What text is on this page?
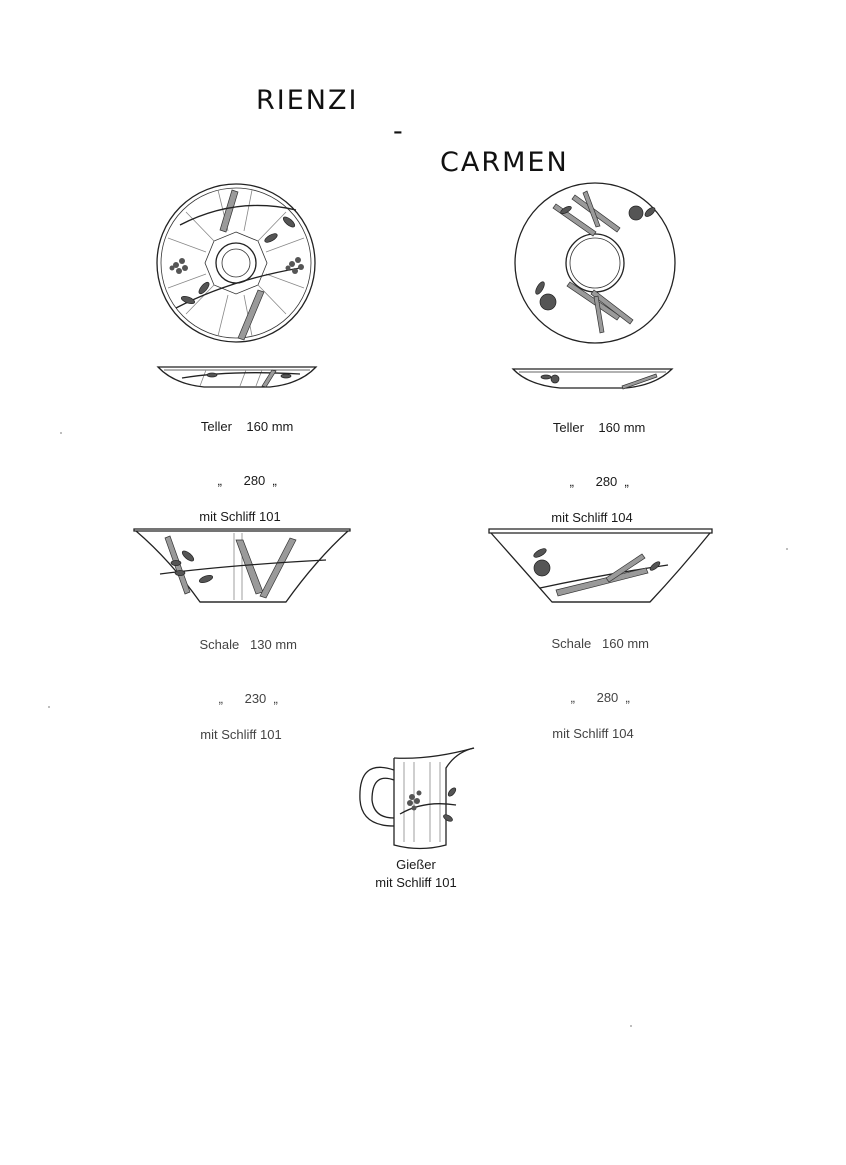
RIENZI

-

CARMEN

Teller 160 mm

„ 280 „

mit Schliff 101

Teller 160 mm

„ 280 „

mit Schliff 104

Schale 130 mm

„ 230 „

mit Schliff 101

Schale 160 mm

„ 280 „

mit Schliff 104
Gießer
mit Schliff 101
